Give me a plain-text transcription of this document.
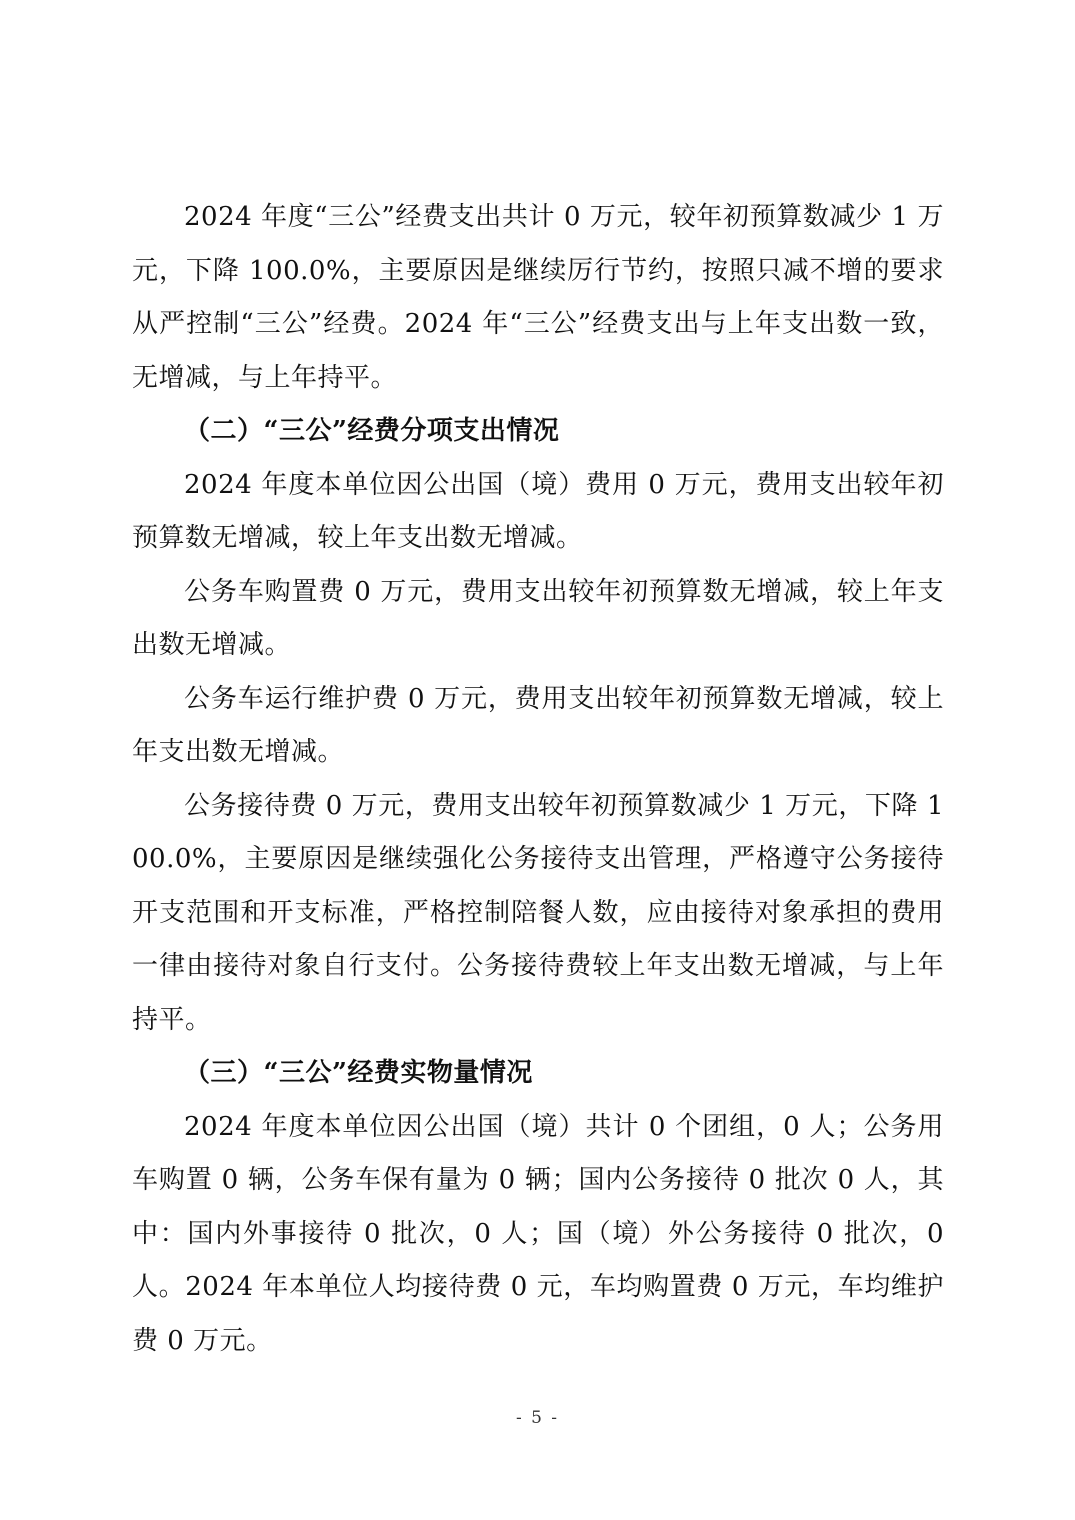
2024 年度“三公”经费支出共计 0 万元，较年初预算数减少 1 万元，下降 100.0%，主要原因是继续厉行节约，按照只减不增的要求从严控制“三公”经费。2024 年“三公”经费支出与上年支出数一致，无增减，与上年持平。

（二）“三公”经费分项支出情况

2024 年度本单位因公出国（境）费用 0 万元，费用支出较年初预算数无增减，较上年支出数无增减。

公务车购置费 0 万元，费用支出较年初预算数无增减，较上年支出数无增减。

公务车运行维护费 0 万元，费用支出较年初预算数无增减，较上年支出数无增减。

公务接待费 0 万元，费用支出较年初预算数减少 1 万元，下降 100.0%，主要原因是继续强化公务接待支出管理，严格遵守公务接待开支范围和开支标准，严格控制陪餐人数，应由接待对象承担的费用一律由接待对象自行支付。公务接待费较上年支出数无增减，与上年持平。

（三）“三公”经费实物量情况

2024 年度本单位因公出国（境）共计 0 个团组，0 人；公务用车购置 0 辆，公务车保有量为 0 辆；国内公务接待 0 批次 0 人，其中：国内外事接待 0 批次，0 人；国（境）外公务接待 0 批次，0 人。2024 年本单位人均接待费 0 元，车均购置费 0 万元，车均维护费 0 万元。

- 5 -
